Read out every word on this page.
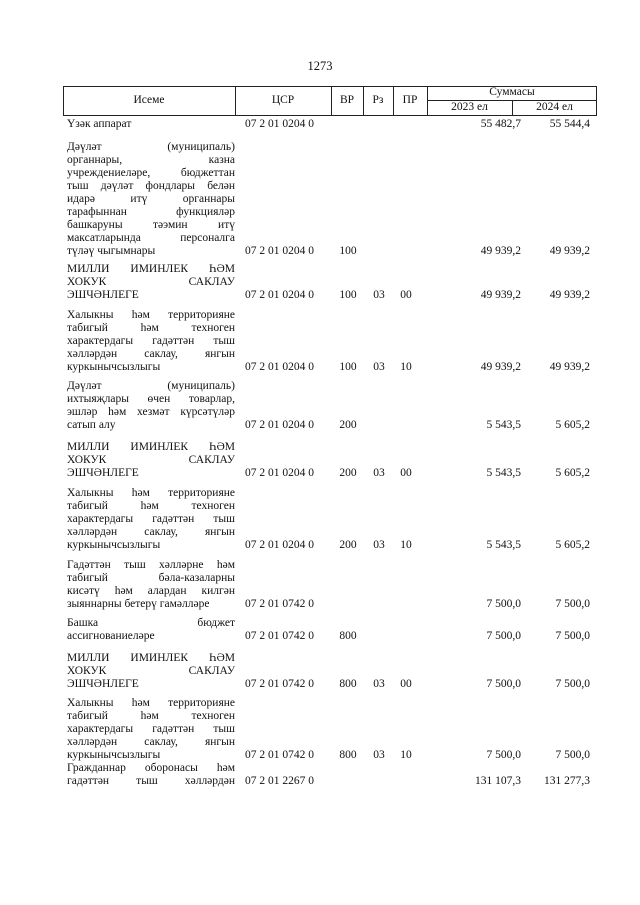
1273
Исеме	ЦСР	ВР	Рз	ПР
Суммасы
2023 ел	2024 ел
Үзәк аппарат	07 2 01 0204 0	55 482,7	55 544,4
Дәүләт (муниципаль)
органнары, казна
учреждениеләре, бюджеттан
тыш дәүләт фондлары белән
идарә итү органнары
тарафыннан функцияләр
башкаруны тәэмин итү
максатларында персоналга
түләү чыгымнары	07 2 01 0204 0 100	49 939,2	49 939,2
МИЛЛИ ИМИНЛЕК ҺӘМ
ХОКУК САКЛАУ
ЭШЧӘНЛЕГЕ	07 2 01 0204 0 100 03 00	49 939,2	49 939,2
Халыкны һәм территорияне
табигый һәм техноген
характердагы гадәттән тыш
хәлләрдән саклау, янгын
куркынычсызлыгы	07 2 01 0204 0 100 03 10	49 939,2	49 939,2
Дәүләт (муниципаль)
ихтыяҗлары өчен товарлар,
эшләр һәм хезмәт күрсәтүләр
сатып алу	07 2 01 0204 0 200	5 543,5	5 605,2
МИЛЛИ ИМИНЛЕК ҺӘМ
ХОКУК САКЛАУ
ЭШЧӘНЛЕГЕ	07 2 01 0204 0 200 03 00	5 543,5	5 605,2
Халыкны һәм территорияне
табигый һәм техноген
характердагы гадәттән тыш
хәлләрдән саклау, янгын
куркынычсызлыгы	07 2 01 0204 0 200 03 10	5 543,5	5 605,2
Гадәттән тыш хәлләрне һәм
табигый бәла-казаларны
кисәтү һәм алардан килгән
зыяннарны бетерү гамәлләре	07 2 01 0742 0	7 500,0	7 500,0
Башка бюджет
ассигнованиеләре	07 2 01 0742 0 800	7 500,0	7 500,0
МИЛЛИ ИМИНЛЕК ҺӘМ
ХОКУК САКЛАУ
ЭШЧӘНЛЕГЕ	07 2 01 0742 0 800 03 00	7 500,0	7 500,0
Халыкны һәм территорияне
табигый һәм техноген
характердагы гадәттән тыш
хәлләрдән саклау, янгын
куркынычсызлыгы	07 2 01 0742 0 800 03 10	7 500,0	7 500,0
Гражданнар оборонасы һәм
гадәттән тыш хәлләрдән 07 2 01 2267 0	131 107,3	131 277,3
